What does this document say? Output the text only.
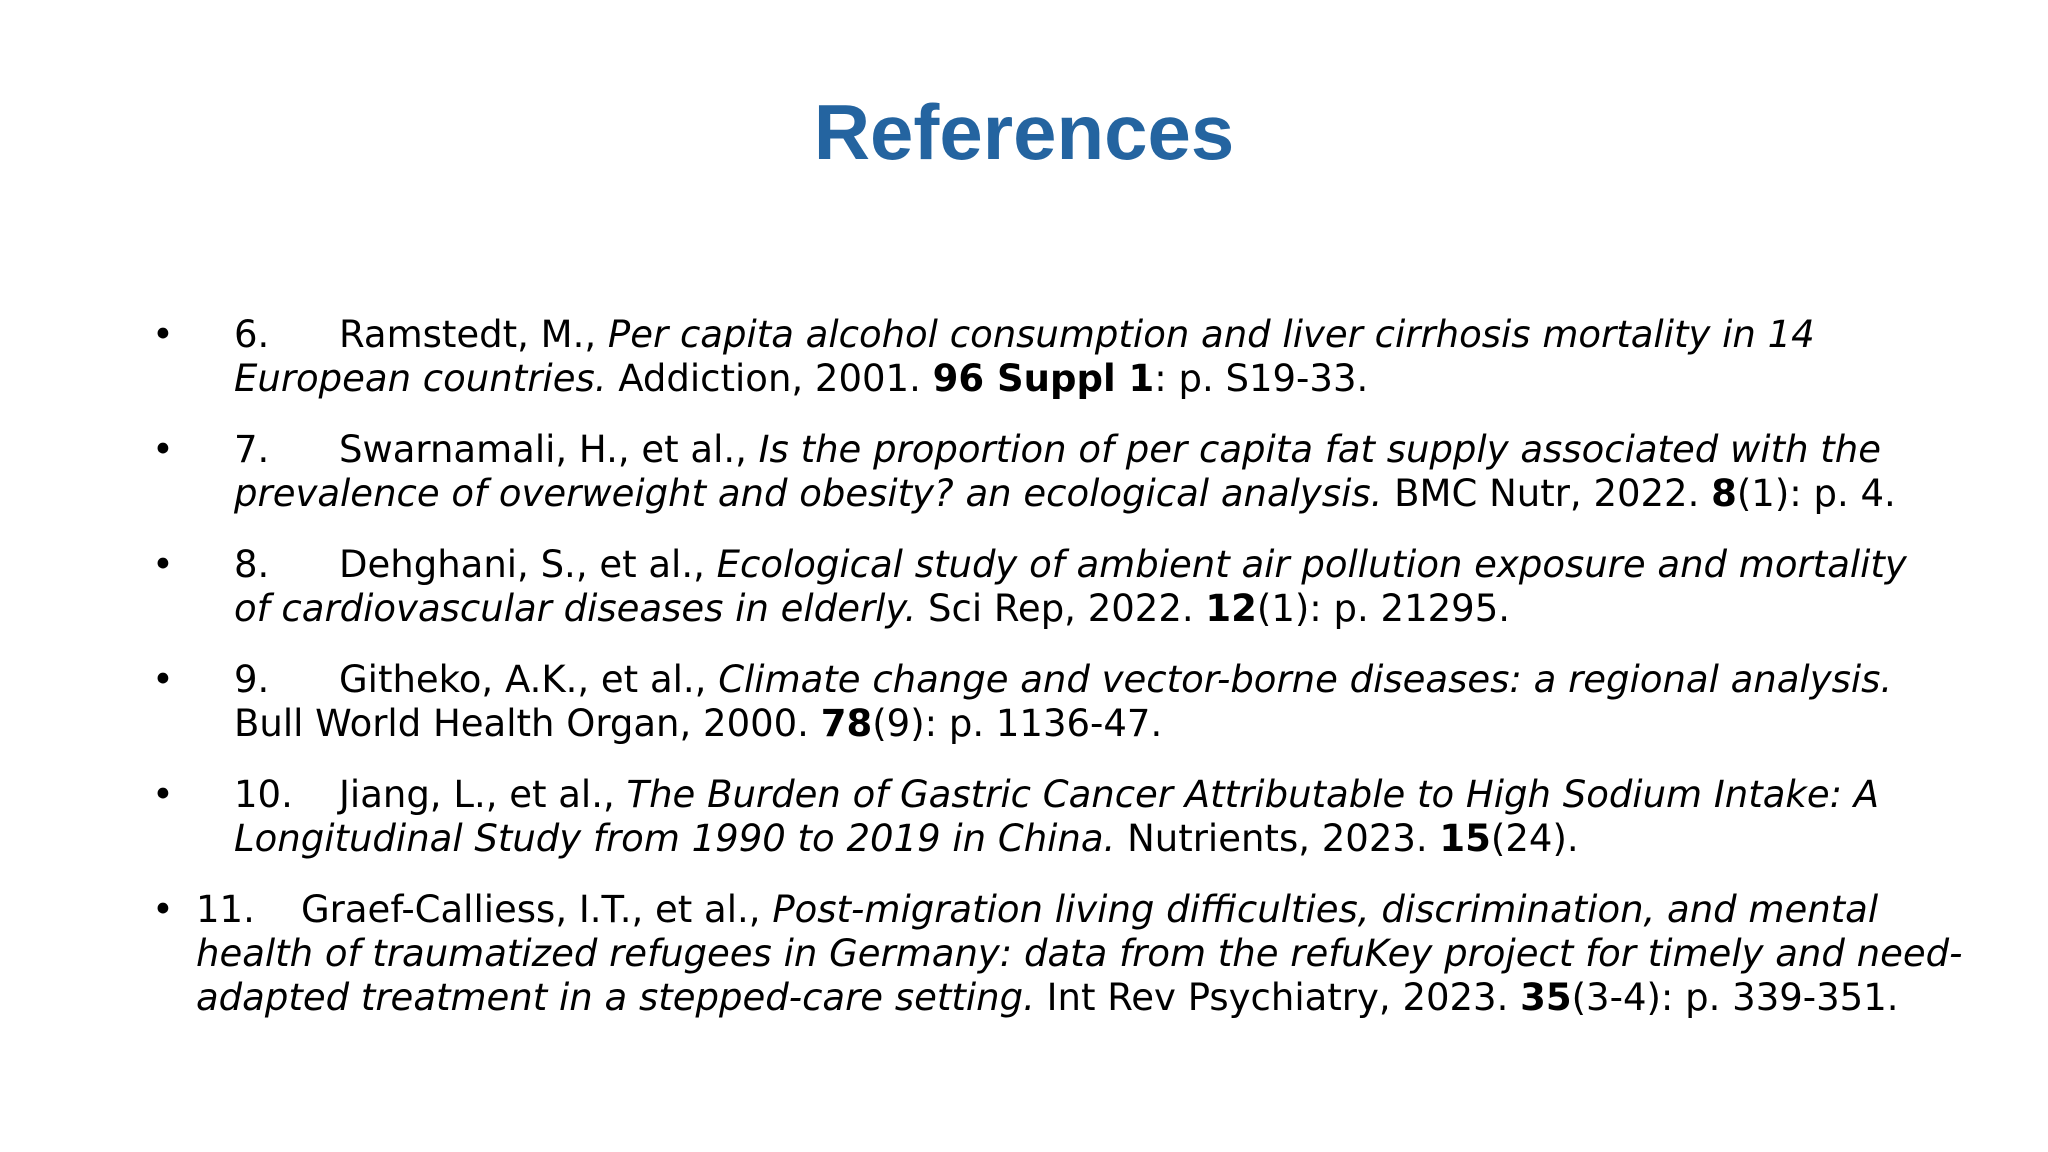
References
• 6. Ramstedt, M., Per capita alcohol consumption and liver cirrhosis mortality in 14
European countries. Addiction, 2001. 96 Suppl 1: p. S19-33.
• 7. Swarnamali, H., et al., Is the proportion of per capita fat supply associated with the
prevalence of overweight and obesity? an ecological analysis. BMC Nutr, 2022. 8(1): p. 4.
• 8. Dehghani, S., et al., Ecological study of ambient air pollution exposure and mortality
of cardiovascular diseases in elderly. Sci Rep, 2022. 12(1): p. 21295.
• 9. Githeko, A.K., et al., Climate change and vector-borne diseases: a regional analysis.
Bull World Health Organ, 2000. 78(9): p. 1136-47.
• 10. Jiang, L., et al., The Burden of Gastric Cancer Attributable to High Sodium Intake: A
Longitudinal Study from 1990 to 2019 in China. Nutrients, 2023. 15(24).
• 11. Graef-Calliess, I.T., et al., Post-migration living difficulties, discrimination, and mental
health of traumatized refugees in Germany: data from the refuKey project for timely and need-
adapted treatment in a stepped-care setting. Int Rev Psychiatry, 2023. 35(3-4): p. 339-351.
